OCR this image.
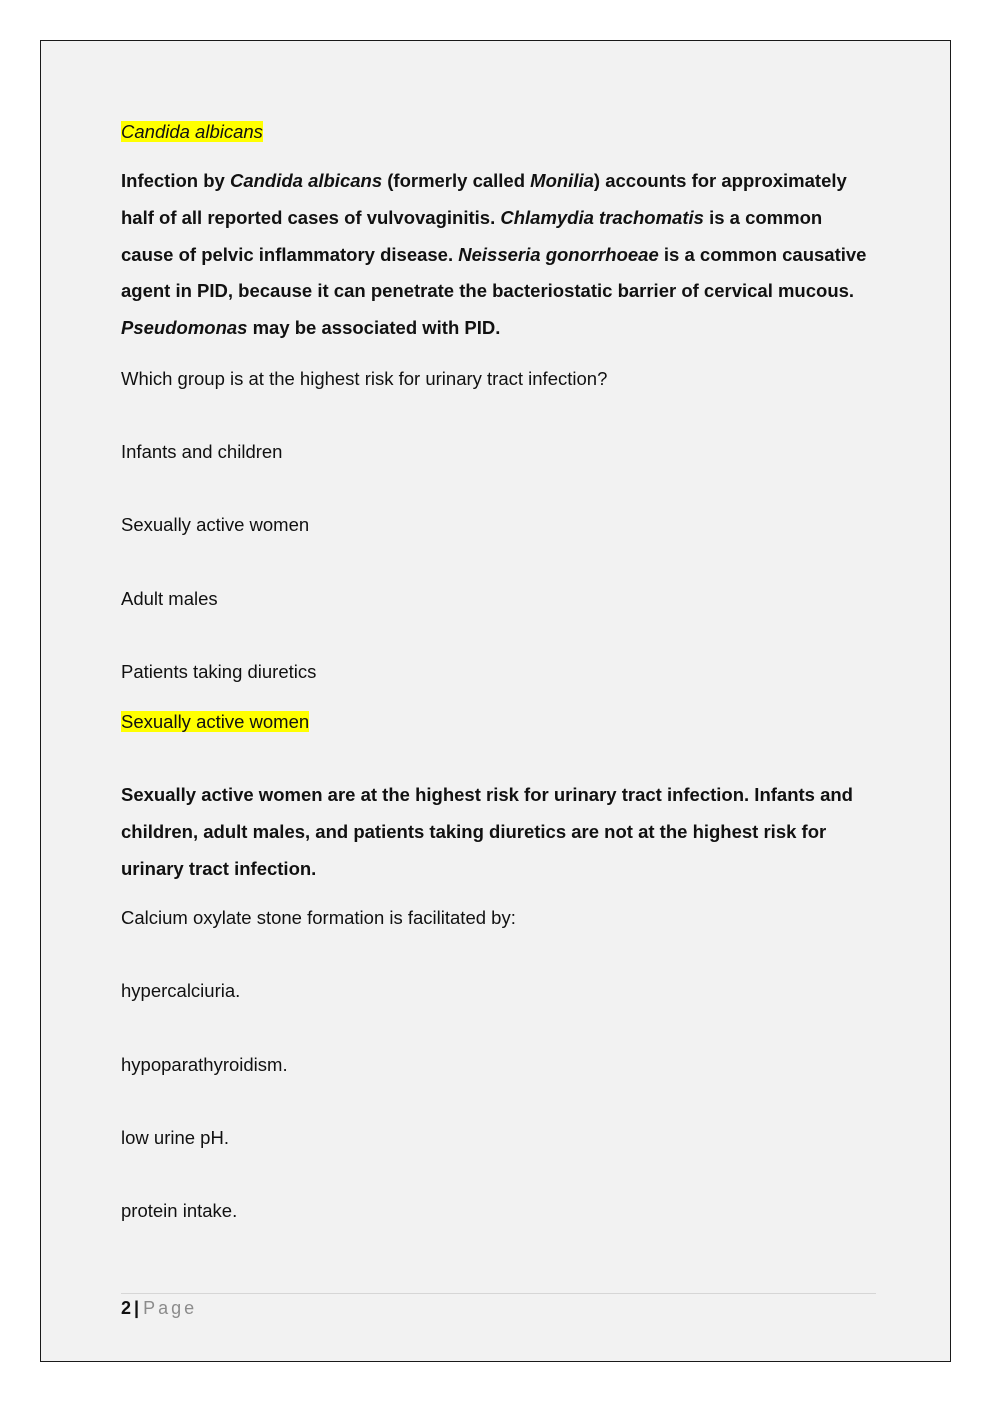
Candida albicans
Infection by Candida albicans (formerly called Monilia) accounts for approximately half of all reported cases of vulvovaginitis. Chlamydia trachomatis is a common cause of pelvic inflammatory disease. Neisseria gonorrhoeae is a common causative agent in PID, because it can penetrate the bacteriostatic barrier of cervical mucous. Pseudomonas may be associated with PID.
Which group is at the highest risk for urinary tract infection?
Infants and children
Sexually active women
Adult males
Patients taking diuretics
Sexually active women
Sexually active women are at the highest risk for urinary tract infection. Infants and children, adult males, and patients taking diuretics are not at the highest risk for urinary tract infection.
Calcium oxylate stone formation is facilitated by:
hypercalciuria.
hypoparathyroidism.
low urine pH.
protein intake.
2 | Page
